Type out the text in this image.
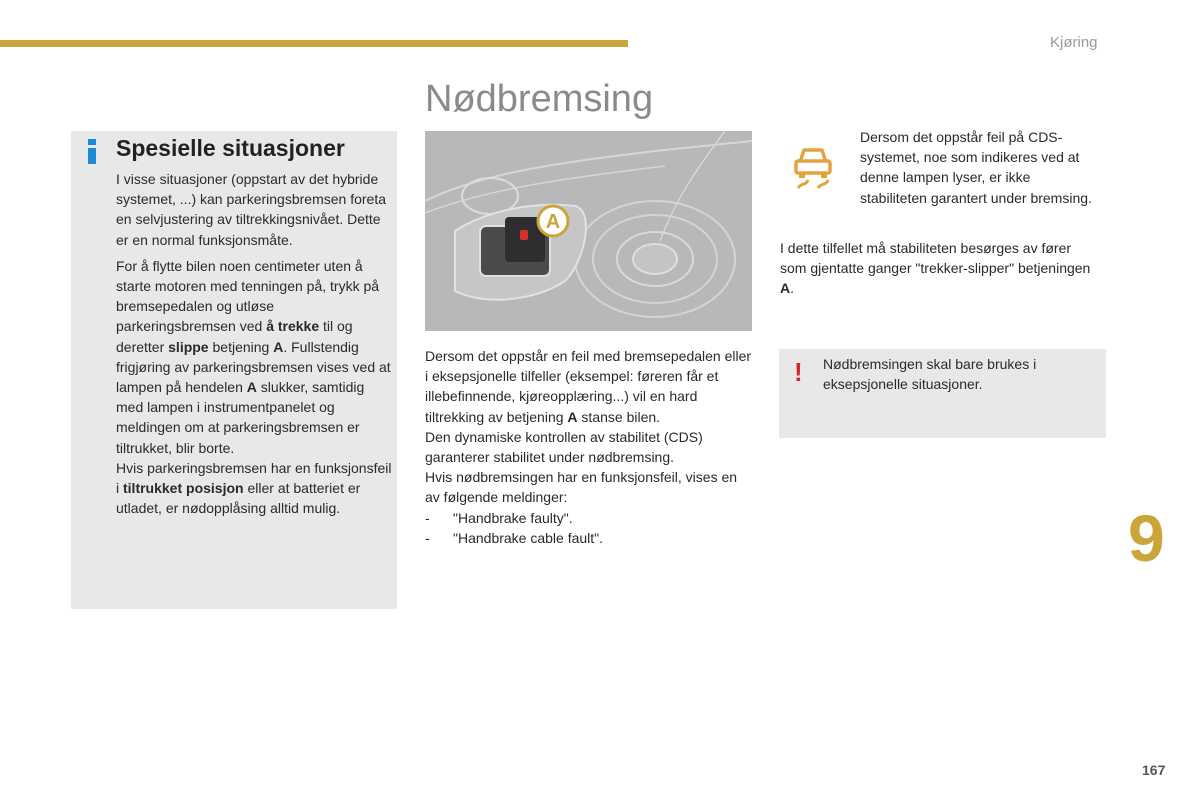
Kjøring
Nødbremsing
Spesielle situasjoner

I visse situasjoner (oppstart av det hybride systemet, ...) kan parkeringsbremsen foreta en selvjustering av tiltrekkingsnivået. Dette er en normal funksjonsmåte.

For å flytte bilen noen centimeter uten å starte motoren med tenningen på, trykk på bremsepedalen og utløse parkeringsbremsen ved å trekke til og deretter slippe betjening A. Fullstendig frigjøring av parkeringsbremsen vises ved at lampen på hendelen A slukker, samtidig med lampen i instrumentpanelet og meldingen om at parkeringsbremsen er tiltrukket, blir borte.
Hvis parkeringsbremsen har en funksjonsfeil i tiltrukket posisjon eller at batteriet er utladet, er nødopplåsing alltid mulig.

A

Dersom det oppstår en feil med bremsepedalen eller i eksepsjonelle tilfeller (eksempel: føreren får et illebefinnende, kjøreopplæring...) vil en hard tiltrekking av betjening A stanse bilen.

Den dynamiske kontrollen av stabilitet (CDS) garanterer stabilitet under nødbremsing.

Hvis nødbremsingen har en funksjonsfeil, vises en av følgende meldinger:

- "Handbrake faulty".
- "Handbrake cable fault".
Dersom det oppstår feil på CDS-systemet, noe som indikeres ved at denne lampen lyser, er ikke stabiliteten garantert under bremsing.

I dette tilfellet må stabiliteten besørges av fører som gjentatte ganger "trekker-slipper" betjeningen A.

! Nødbremsingen skal bare brukes i eksepsjonelle situasjoner.
9
167
